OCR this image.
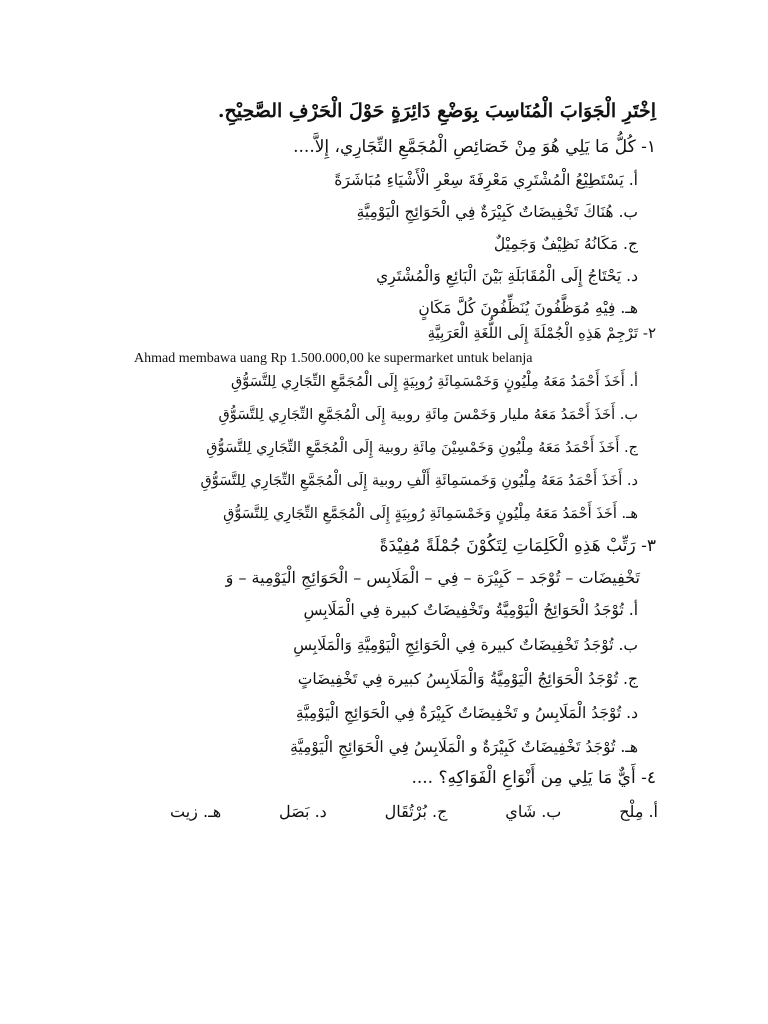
اِخْتَرِ الْجَوَابَ الْمُنَاسِبَ بِوَضْعِ دَائِرَةٍ حَوْلَ الْحَرْفِ الصَّحِيْحِ.
١- كُلُّ مَا يَلِي هُوَ مِنْ خَصَائِصِ الْمُجَمَّعِ التِّجَارِي، إِلاَّ....
أ. يَسْتَطِيْعُ الْمُشْتَرِي مَعْرِفَةَ سِعْرِ الْأَشْيَاءِ مُبَاشَرَةً
ب. هُنَاكَ تَخْفِيضَاتٌ كَبِيْرَةٌ فِي الْحَوَائِجِ الْيَوْمِيَّةِ
ج. مَكَانُهُ نَظِيْفٌ وَجَمِيْلٌ
د. يَحْتَاجُ إِلَى الْمُقَابَلَةِ بَيْنَ الْبَائِعِ وَالْمُشْتَرِي
هـ. فِيْهِ مُوَظَّفُونَ يُنَظِّفُونَ كُلَّ مَكَانٍ
٢- تَرْجِمْ هَذِهِ الْجُمْلَةَ إِلَى اللُّغَةِ الْعَرَبِيَّةِ
Ahmad membawa uang Rp 1.500.000,00 ke supermarket untuk belanja
أ. أَخَذَ أَحْمَدُ مَعَهُ مِلْيُونٍ وَخَمْسَمِائَةِ رُوبِيَةٍ إِلَى الْمُجَمَّعِ التِّجَارِي لِلتَّسَوُّقِ
ب. أَخَذَ أَحْمَدُ مَعَهُ مليار وَخَمْسَ مِائَةِ روبية إِلَى الْمُجَمَّعِ التِّجَارِي لِلتَّسَوُّقِ
ج. أَخَذَ أَحْمَدُ مَعَهُ مِلْيُونِ وَخَمْسِيْنَ مِائَةِ روبية إِلَى الْمُجَمَّعِ التِّجَارِي لِلتَّسَوُّقِ
د. أَخَذَ أَحْمَدُ مَعَهُ مِلْيُونِ وَخَمسَمِائَةِ أَلْفِ روبية إِلَى الْمُجَمَّعِ التِّجَارِي لِلتَّسَوُّقِ
هـ. أَخَذَ أَحْمَدُ مَعَهُ مِلْيُونٍ وَخَمْسَمِائَةِ رُوبِيَةٍ إِلَى الْمُجَمَّعِ التِّجَارِي لِلتَّسَوُّقِ
٣- رَتِّبْ هَذِهِ الْكَلِمَاتِ لِتَكُوْنَ جُمْلَةً مُفِيْدَةً
تَخْفِيضَات – تُوْجَد – كَبِيْرَة – فِي – الْمَلَابِس – الْحَوَائِجِ الْيَوْمِية – وَ
أ. تُوْجَدُ الْحَوَائِجُ الْيَوْمِيَّةُ وتَخْفِيضَاتٌ كبيرة فِي الْمَلَابِسِ
ب. تُوْجَدُ تَخْفِيضَاتٌ كبيرة فِي الْحَوَائِجِ الْيَوْمِيَّةِ وَالْمَلَابِسِ
ج. تُوْجَدُ الْحَوَائِجُ الْيَوْمِيَّةُ وَالْمَلَابِسُ كبيرة فِي تَخْفِيضَاتٍ
د. تُوْجَدُ الْمَلَابِسُ و تَخْفِيضَاتٌ كَبِيْرَةٌ فِي الْحَوَائِجِ الْيَوْمِيَّةِ
هـ. تُوْجَدُ تَخْفِيضَاتٌ كَبِيْرَةٌ و الْمَلَابِسُ فِي الْحَوَائِجِ الْيَوْمِيَّةِ
٤- أَيٌّ مَا يَلِي مِن أَنْوَاعِ الْفَوَاكِهِ؟ ....
أ. مِلْح
ب. شَاي
ج. بُرْتُقَال
د. بَصَل
هـ. زيت
